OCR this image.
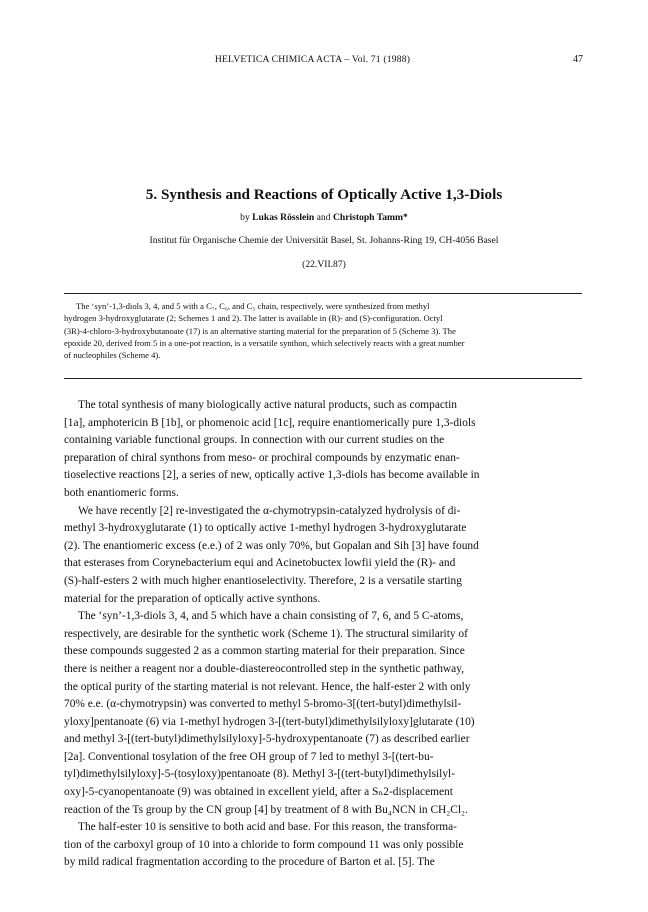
HELVETICA CHIMICA ACTA – Vol. 71 (1988)	47
5. Synthesis and Reactions of Optically Active 1,3-Diols
by Lukas Rösslein and Christoph Tamm*
Institut für Organische Chemie der Universität Basel, St. Johanns-Ring 19, CH-4056 Basel
(22.VII.87)
The ‘syn’-1,3-diols 3, 4, and 5 with a C₇, C₆, and C₅ chain, respectively, were synthesized from methyl
hydrogen 3-hydroxyglutarate (2; Schemes 1 and 2). The latter is available in (R)- and (S)-configuration. Octyl
(3R)-4-chloro-3-hydroxybutanoate (17) is an alternative starting material for the preparation of 5 (Scheme 3). The
epoxide 20, derived from 5 in a one-pot reaction, is a versatile synthon, which selectively reacts with a great number
of nucleophiles (Scheme 4).
The total synthesis of many biologically active natural products, such as compactin
[1a], amphotericin B [1b], or phomenoic acid [1c], require enantiomerically pure 1,3-diols
containing variable functional groups. In connection with our current studies on the
preparation of chiral synthons from meso- or prochiral compounds by enzymatic enan-
tioselective reactions [2], a series of new, optically active 1,3-diols has become available in
both enantiomeric forms.
We have recently [2] re-investigated the α-chymotrypsin-catalyzed hydrolysis of di-
methyl 3-hydroxyglutarate (1) to optically active 1-methyl hydrogen 3-hydroxyglutarate
(2). The enantiomeric excess (e.e.) of 2 was only 70%, but Gopalan and Sih [3] have found
that esterases from Corynebacterium equi and Acinetobuctex lowfii yield the (R)- and
(S)-half-esters 2 with much higher enantioselectivity. Therefore, 2 is a versatile starting
material for the preparation of optically active synthons.
The ‘syn’-1,3-diols 3, 4, and 5 which have a chain consisting of 7, 6, and 5 C-atoms,
respectively, are desirable for the synthetic work (Scheme 1). The structural similarity of
these compounds suggested 2 as a common starting material for their preparation. Since
there is neither a reagent nor a double-diastereocontrolled step in the synthetic pathway,
the optical purity of the starting material is not relevant. Hence, the half-ester 2 with only
70% e.e. (α-chymotrypsin) was converted to methyl 5-bromo-3[(tert-butyl)dimethylsil-
yloxy]pentanoate (6) via 1-methyl hydrogen 3-[(tert-butyl)dimethylsilyloxy]glutarate (10)
and methyl 3-[(tert-butyl)dimethylsilyloxy]-5-hydroxypentanoate (7) as described earlier
[2a]. Conventional tosylation of the free OH group of 7 led to methyl 3-[(tert-bu-
tyl)dimethylsilyloxy]-5-(tosyloxy)pentanoate (8). Methyl 3-[(tert-butyl)dimethylsilyl-
oxy]-5-cyanopentanoate (9) was obtained in excellent yield, after a Sₙ2-displacement
reaction of the Ts group by the CN group [4] by treatment of 8 with Bu₄NCN in CH₂Cl₂.
The half-ester 10 is sensitive to both acid and base. For this reason, the transforma-
tion of the carboxyl group of 10 into a chloride to form compound 11 was only possible
by mild radical fragmentation according to the procedure of Barton et al. [5]. The
